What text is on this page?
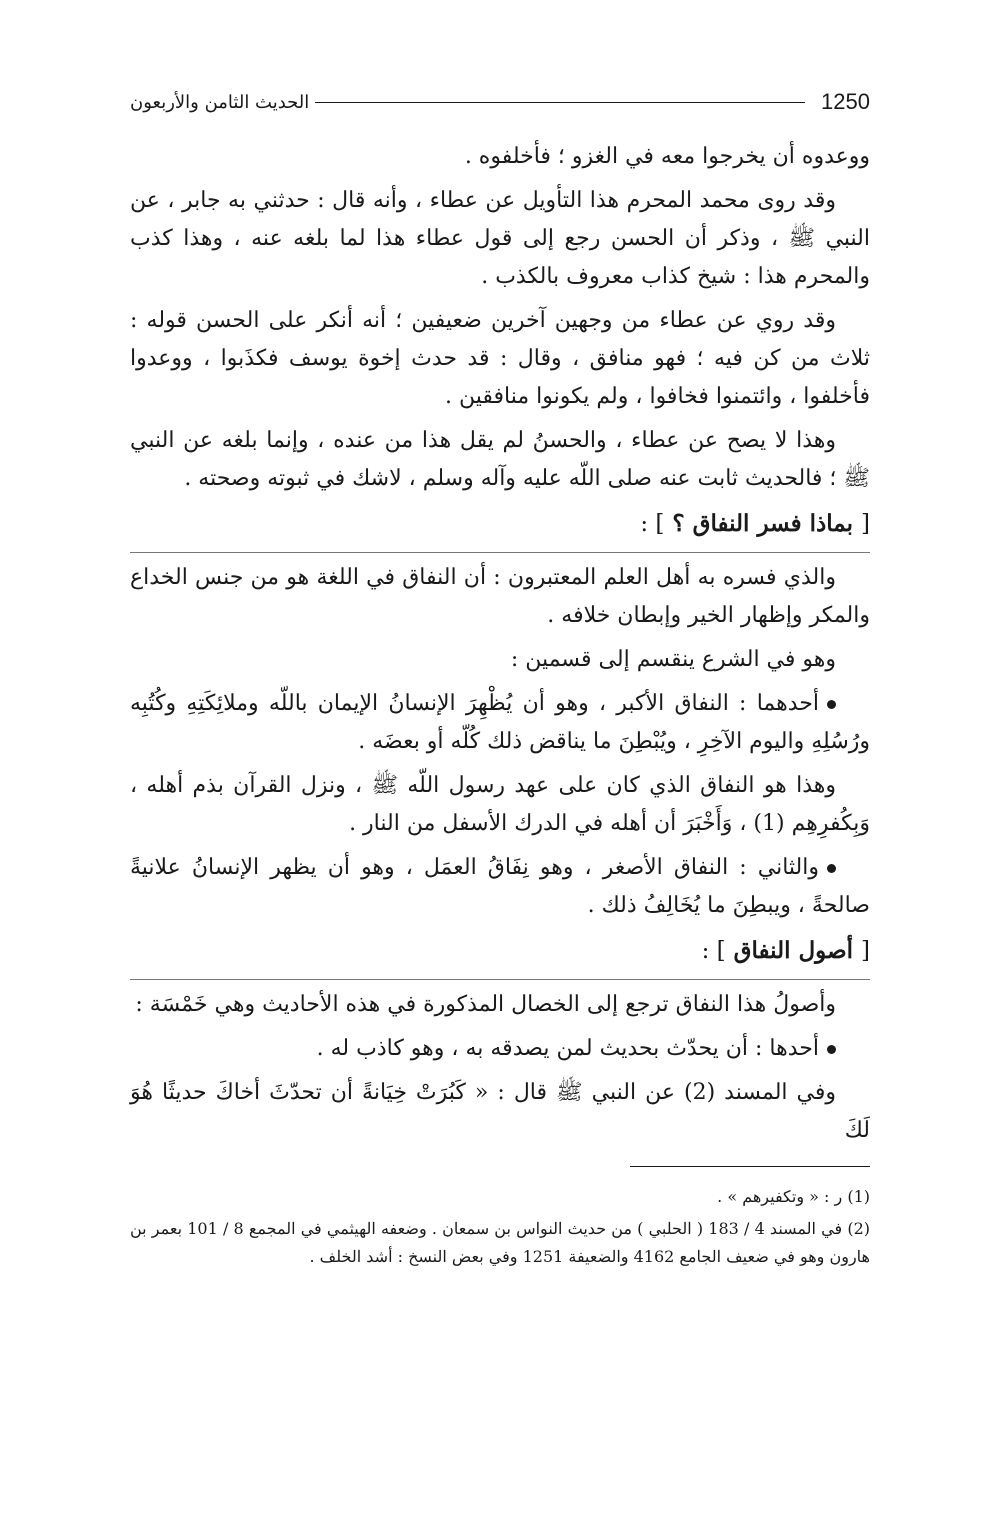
الحديث الثامن والأربعون	1250

ووعدوه أن يخرجوا معه في الغزو ؛ فأخلفوه .

وقد روى محمد المحرم هذا التأويل عن عطاء ، وأنه قال : حدثني به جابر ، عن النبي ﷺ ، وذكر أن الحسن رجع إلى قول عطاء هذا لما بلغه عنه ، وهذا كذب والمحرم هذا : شيخ كذاب معروف بالكذب .

وقد روي عن عطاء من وجهين آخرين ضعيفين ؛ أنه أنكر على الحسن قوله : ثلاث من كن فيه ؛ فهو منافق ، وقال : قد حدث إخوة يوسف فكذَبوا ، ووعدوا فأخلفوا ، وائتمنوا فخافوا ، ولم يكونوا منافقين .

وهذا لا يصح عن عطاء ، والحسنُ لم يقل هذا من عنده ، وإنما بلغه عن النبي ﷺ ؛ فالحديث ثابت عنه صلى اللّه عليه وآله وسلم ، لاشك في ثبوته وصحته .

[ بماذا فسر النفاق ؟ ] :

والذي فسره به أهل العلم المعتبرون : أن النفاق في اللغة هو من جنس الخداع والمكر وإظهار الخير وإبطان خلافه .

وهو في الشرع ينقسم إلى قسمين :

أحدهما : النفاق الأكبر ، وهو أن يُظْهِرَ الإنسانُ الإيمان باللّه وملائِكَتِهِ وكُتُبِه ورُسُلِهِ واليوم الآخِرِ ، ويُبْطِنَ ما يناقض ذلك كُلّه أو بعضَه .

وهذا هو النفاق الذي كان على عهد رسول اللّه ﷺ ، ونزل القرآن بذم أهله ، وَبِكُفرِهِم (1) ، وَأَخْبَرَ أن أهله في الدرك الأسفل من النار .

والثاني : النفاق الأصغر ، وهو نِفَاقُ العمَل ، وهو أن يظهر الإنسانُ علانيةً صالحةً ، ويبطِنَ ما يُخَالِفُ ذلك .

[ أصول النفاق ] :

وأصولُ هذا النفاق ترجع إلى الخصال المذكورة في هذه الأحاديث وهي خَمْسَة :

أحدها : أن يحدّث بحديث لمن يصدقه به ، وهو كاذب له .

وفي المسند (2) عن النبي ﷺ قال : « كَبُرَتْ خِيَانةً أن تحدّثَ أخاكَ حديثًا هُوَ لَكَ

(1) ر : « وتكفيرهم » .

(2) في المسند 4 / 183 ( الحلبي ) من حديث النواس بن سمعان . وضعفه الهيثمي في المجمع 8 / 101 بعمر بن هارون وهو في ضعيف الجامع 4162 والضعيفة 1251 وفي بعض النسخ : أشد الخلف .
